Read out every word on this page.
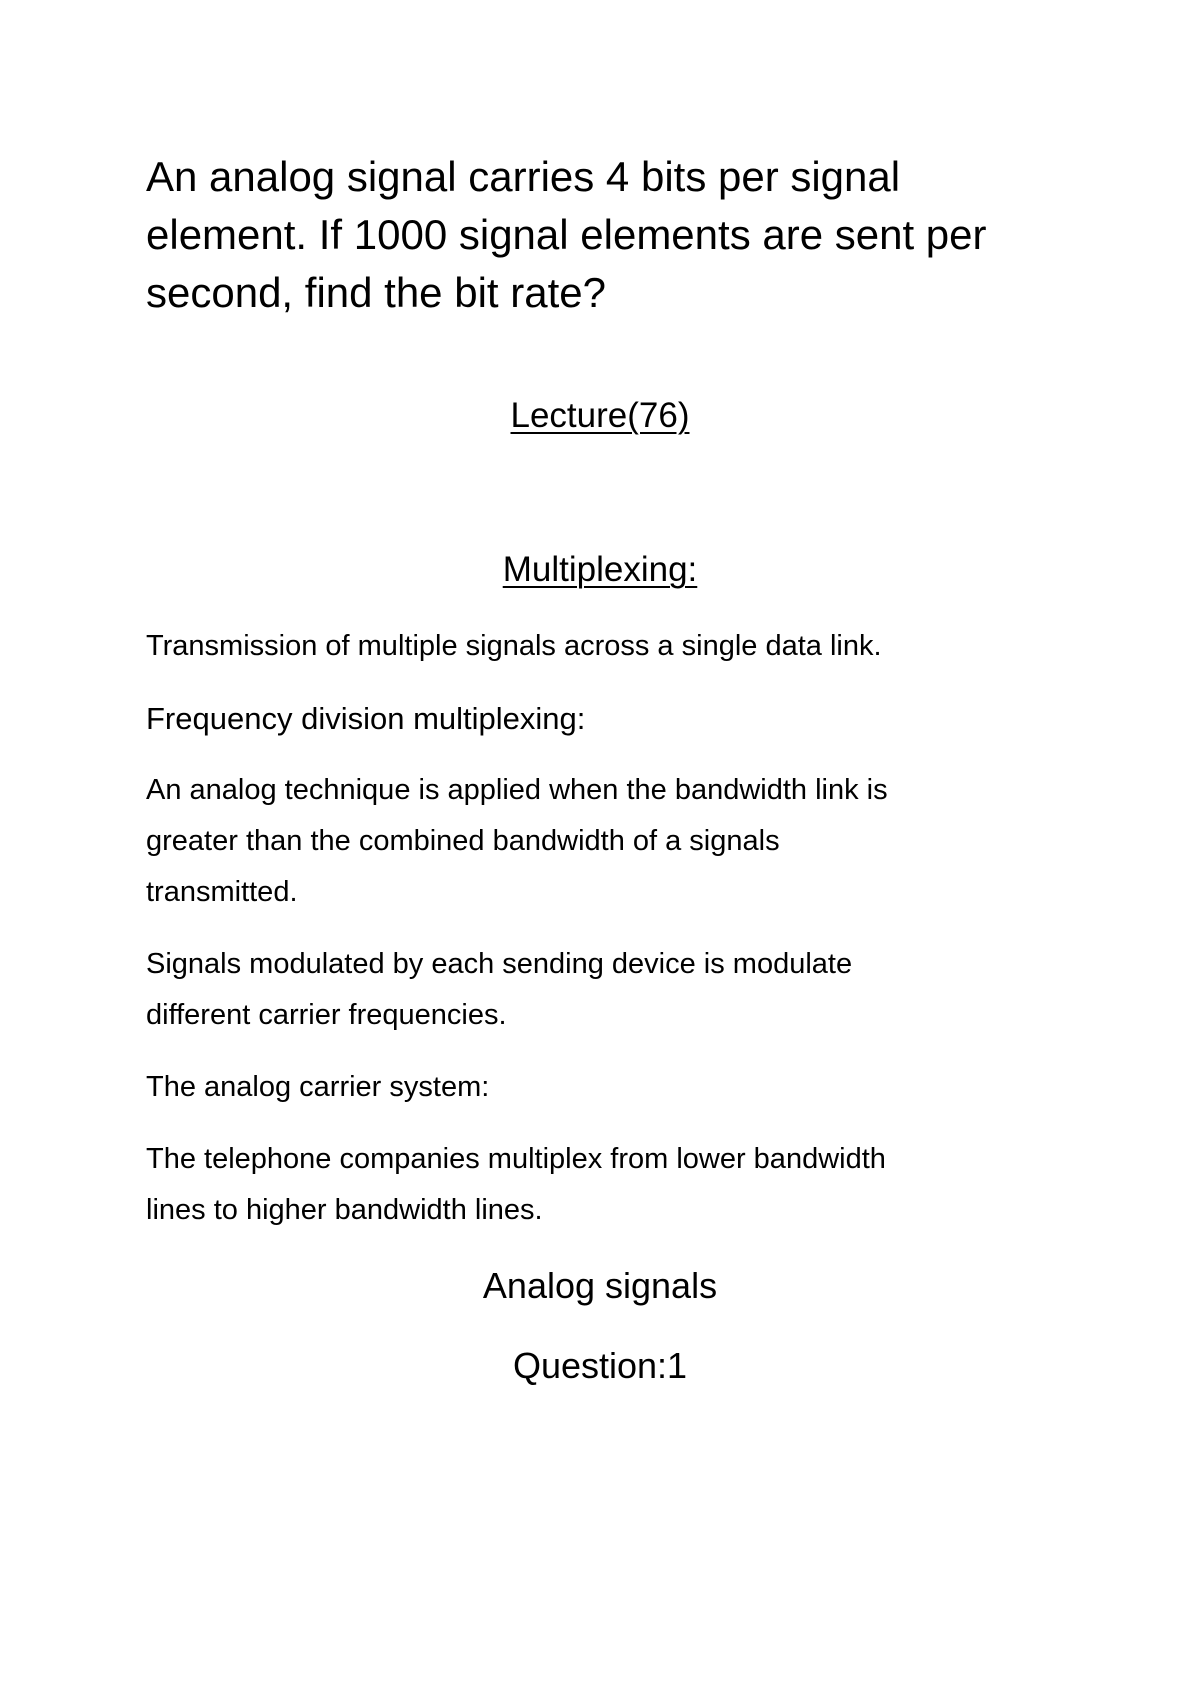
An analog signal carries 4 bits per signal
element. If 1000 signal elements are sent per
second, find the bit rate?
Lecture(76)
Multiplexing:
Transmission of multiple signals across a single data link.
Frequency division multiplexing:
An analog technique is applied when the bandwidth link is
greater than the combined bandwidth of a signals
transmitted.
Signals modulated by each sending device is modulate
different carrier frequencies.
The analog carrier system:
The telephone companies multiplex from lower bandwidth
lines to higher bandwidth lines.
Analog signals
Question:1
